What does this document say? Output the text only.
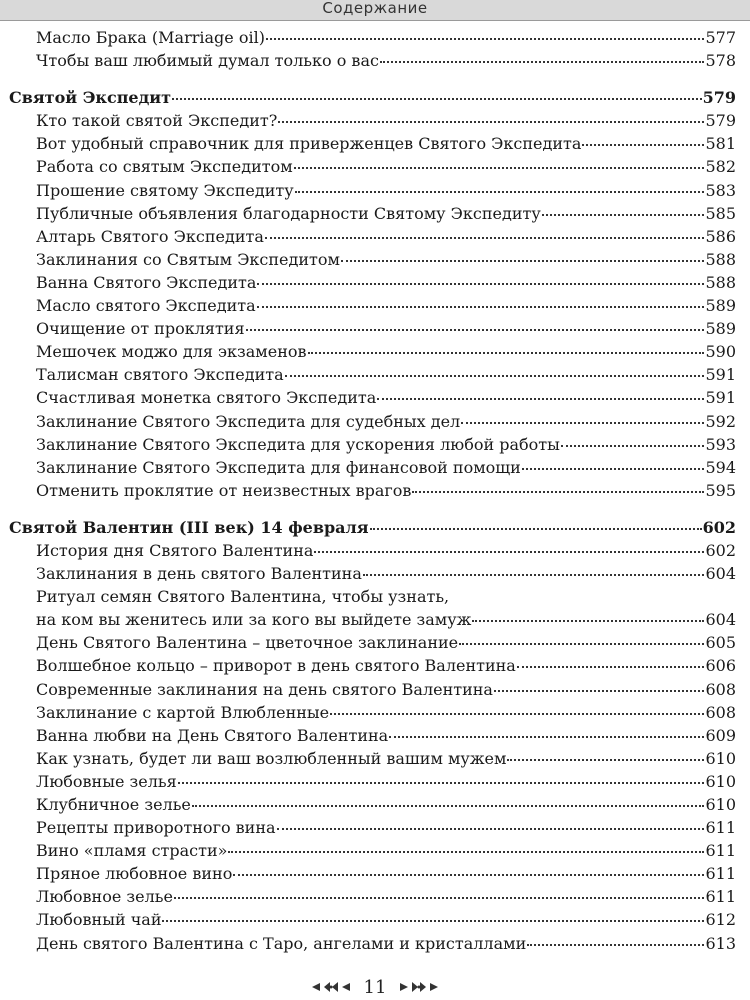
Содержание
Масло Брака (Marriage oil)	577
Чтобы ваш любимый думал только о вас	578
Святой Экспедит	579
Кто такой святой Экспедит?	579
Вот удобный справочник для приверженцев Святого Экспедита	581
Работа со святым Экспедитом	582
Прошение святому Экспедиту	583
Публичные объявления благодарности Святому Экспедиту	585
Алтарь Святого Экспедита	586
Заклинания со Святым Экспедитом	588
Ванна Святого Экспедита	588
Масло святого Экспедита	589
Очищение от проклятия	589
Мешочек моджо для экзаменов	590
Талисман святого Экспедита	591
Счастливая монетка святого Экспедита	591
Заклинание Святого Экспедита для судебных дел	592
Заклинание Святого Экспедита для ускорения любой работы	593
Заклинание Святого Экспедита для финансовой помощи	594
Отменить проклятие от неизвестных врагов	595
Святой Валентин (III век) 14 февраля	602
История дня Святого Валентина	602
Заклинания в день святого Валентина	604
Ритуал семян Святого Валентина, чтобы узнать,
на ком вы женитесь или за кого вы выйдете замуж	604
День Святого Валентина – цветочное заклинание	605
Волшебное кольцо – приворот в день святого Валентина	606
Современные заклинания на день святого Валентина	608
Заклинание с картой Влюбленные	608
Ванна любви на День Святого Валентина	609
Как узнать, будет ли ваш возлюбленный вашим мужем	610
Любовные зелья	610
Клубничное зелье	610
Рецепты приворотного вина	611
Вино «пламя страсти»	611
Пряное любовное вино	611
Любовное зелье	611
Любовный чай	612
День святого Валентина с Таро, ангелами и кристаллами	613
11
